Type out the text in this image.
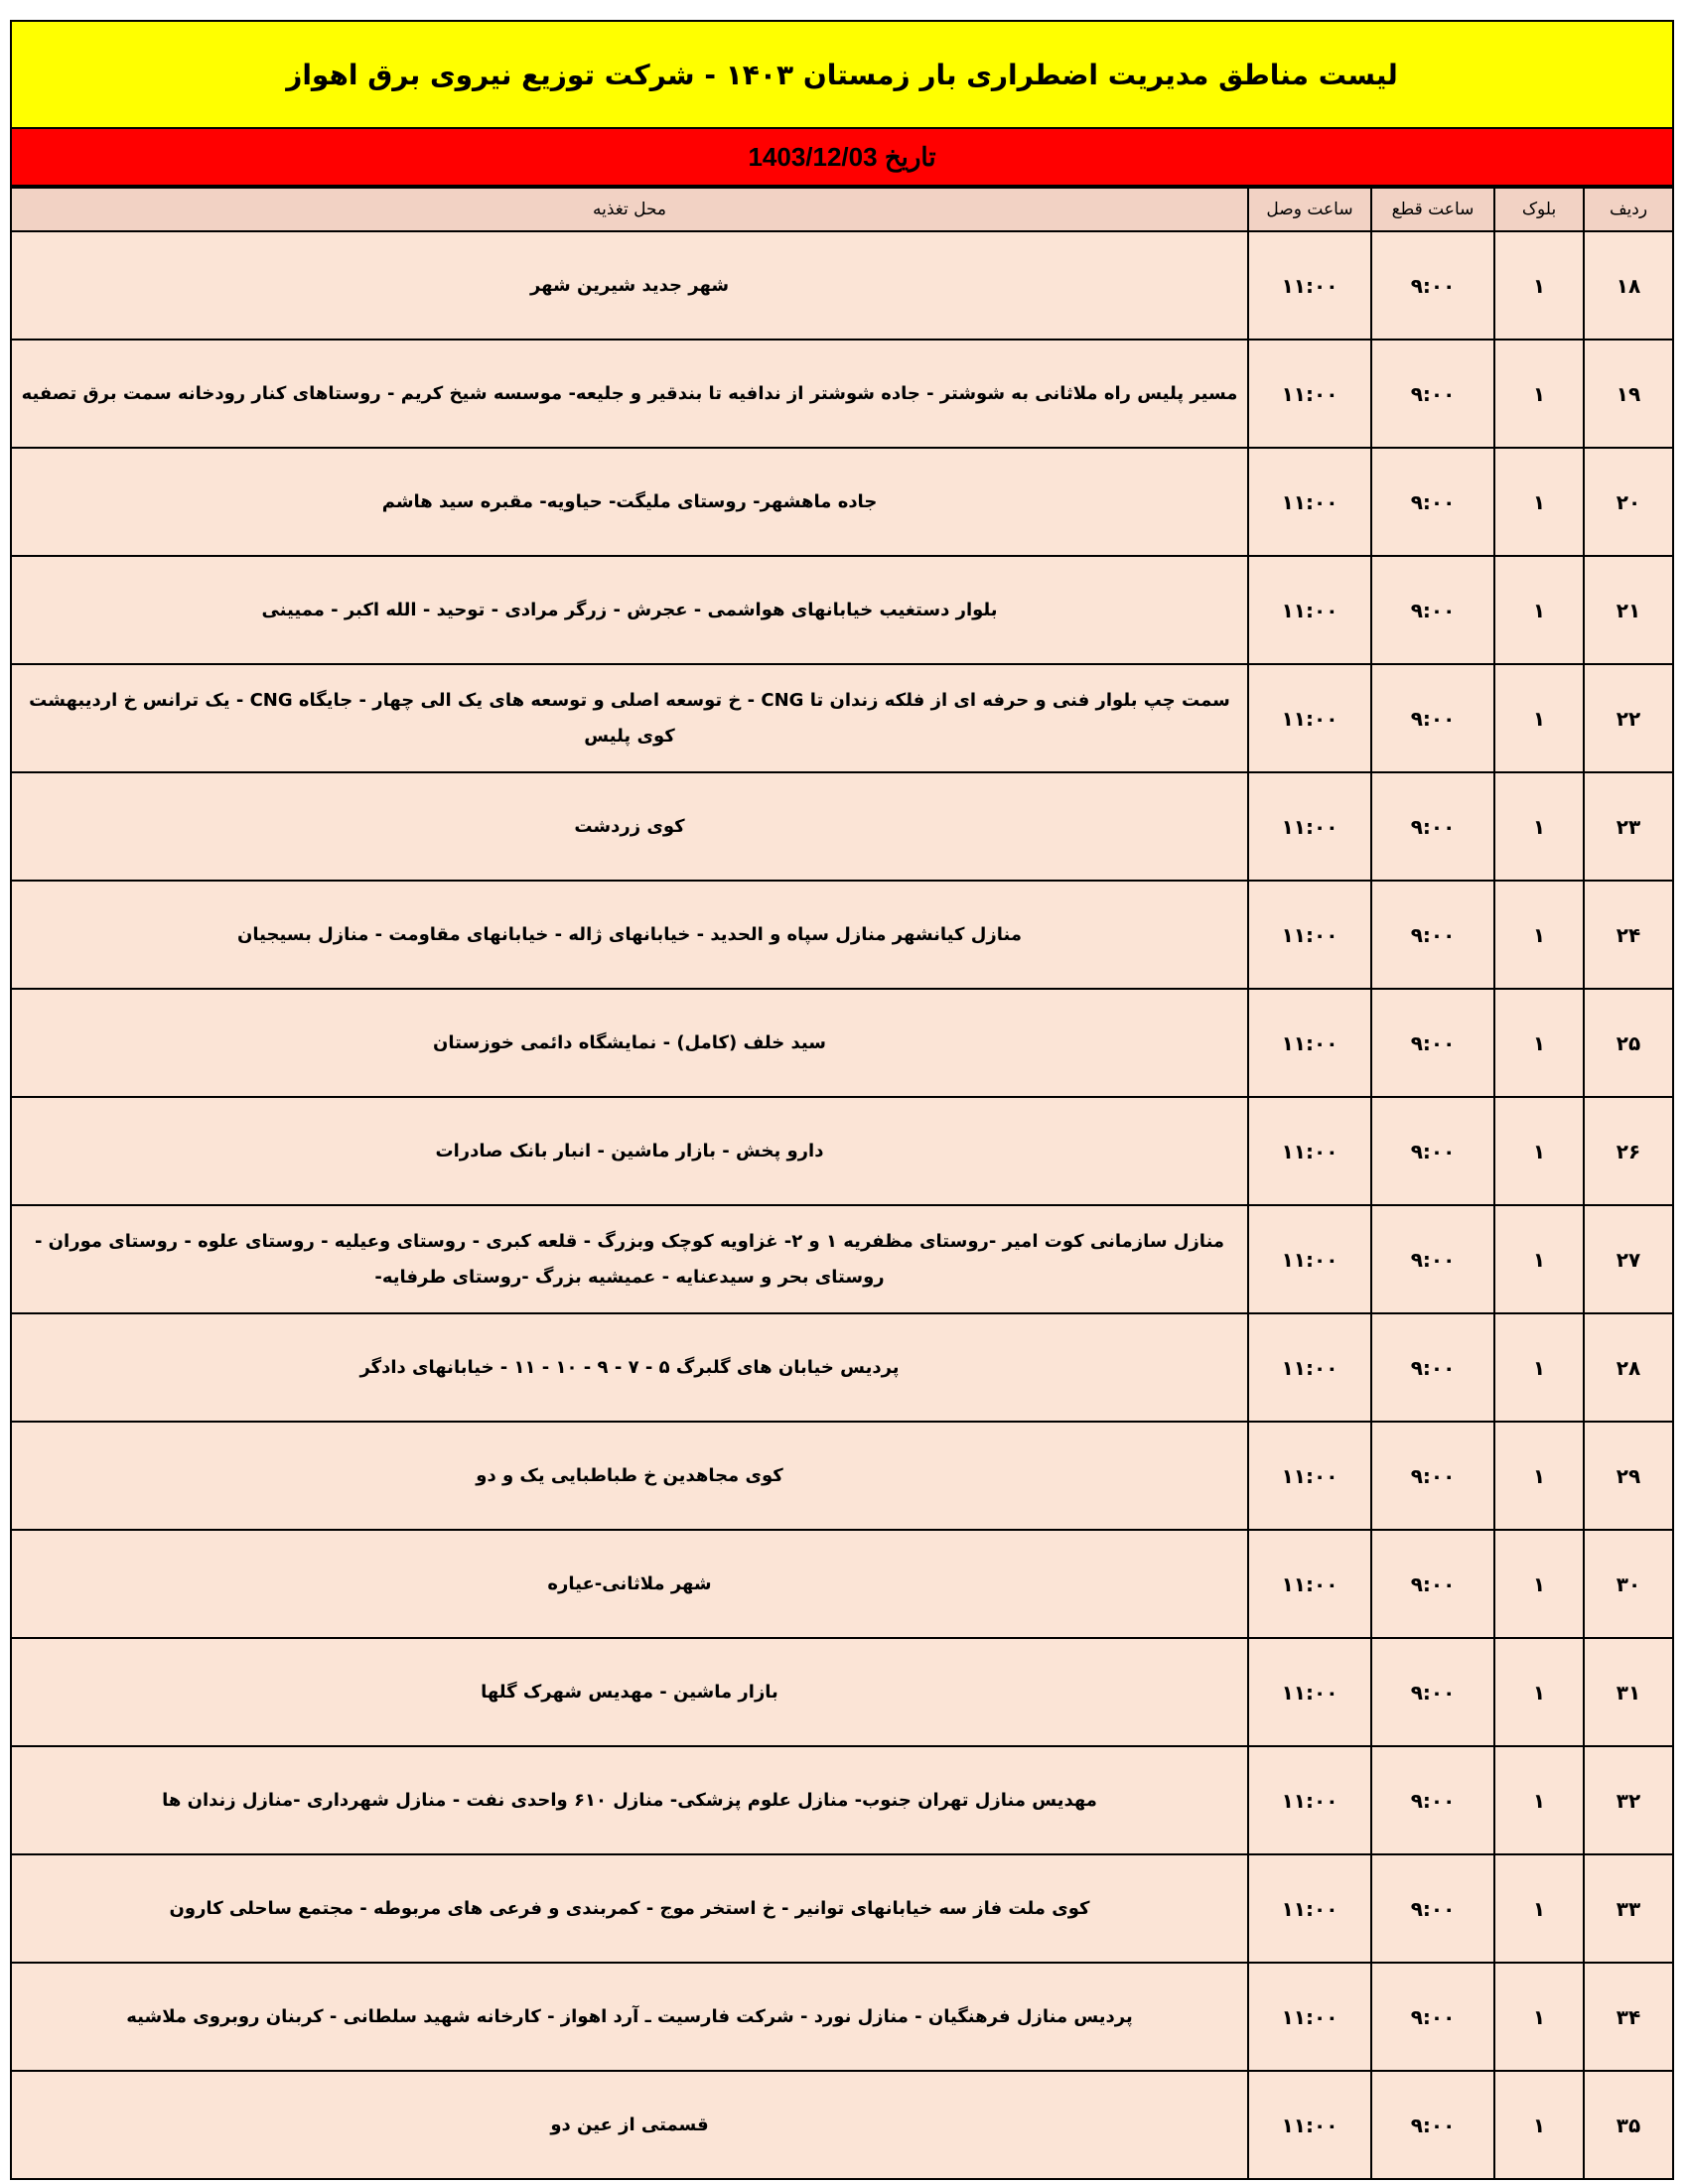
لیست مناطق مدیریت اضطراری بار زمستان ۱۴۰۳ - شرکت توزیع نیروی برق اهواز
تاریخ 1403/12/03
ردیف	بلوک	ساعت قطع	ساعت وصل	محل تغذیه
۱۸	۱	۹:۰۰	۱۱:۰۰	شهر جدید شیرین شهر
۱۹	۱	۹:۰۰	۱۱:۰۰	مسیر پلیس راه ملاثانی به شوشتر - جاده شوشتر از ندافیه تا بندقیر و جلیعه- موسسه شیخ کریم - روستاهای کنار رودخانه سمت برق تصفیه
۲۰	۱	۹:۰۰	۱۱:۰۰	جاده ماهشهر- روستای ملیگت- حیاویه- مقبره سید هاشم
۲۱	۱	۹:۰۰	۱۱:۰۰	بلوار دستغیب خیابانهای هواشمی - عجرش - زرگر مرادی - توحید - الله اکبر - ممیینی
۲۲	۱	۹:۰۰	۱۱:۰۰	سمت چپ بلوار فنی و حرفه ای از فلکه زندان تا CNG - خ توسعه اصلی و توسعه های یک الی چهار - جایگاه CNG - یک ترانس خ اردیبهشت کوی پلیس
۲۳	۱	۹:۰۰	۱۱:۰۰	کوی زردشت
۲۴	۱	۹:۰۰	۱۱:۰۰	منازل کیانشهر منازل سپاه و الحدید - خیابانهای ژاله - خیابانهای مقاومت - منازل بسیجیان
۲۵	۱	۹:۰۰	۱۱:۰۰	سید خلف (کامل) - نمایشگاه دائمی خوزستان
۲۶	۱	۹:۰۰	۱۱:۰۰	دارو پخش - بازار ماشین - انبار بانک صادرات
۲۷	۱	۹:۰۰	۱۱:۰۰	منازل سازمانی کوت امیر -روستای مظفریه ۱ و ۲- غزاویه کوچک وبزرگ - قلعه کبری - روستای وعیلیه - روستای علوه - روستای موران - روستای بحر و سیدعنایه - عمیشیه بزرگ -روستای طرفایه-
۲۸	۱	۹:۰۰	۱۱:۰۰	پردیس خیابان های گلبرگ ۵ - ۷ - ۹ - ۱۰ - ۱۱ - خیابانهای دادگر
۲۹	۱	۹:۰۰	۱۱:۰۰	کوی مجاهدین خ طباطبایی یک و دو
۳۰	۱	۹:۰۰	۱۱:۰۰	شهر ملاثانی-عیاره
۳۱	۱	۹:۰۰	۱۱:۰۰	بازار ماشین - مهدیس شهرک گلها
۳۲	۱	۹:۰۰	۱۱:۰۰	مهدیس منازل تهران جنوب- منازل علوم پزشکی- منازل ۶۱۰ واحدی نفت - منازل شهرداری -منازل زندان ها
۳۳	۱	۹:۰۰	۱۱:۰۰	کوی ملت فاز سه خیابانهای توانیر - خ استخر موج - کمربندی و فرعی های مربوطه - مجتمع ساحلی کارون
۳۴	۱	۹:۰۰	۱۱:۰۰	پردیس منازل فرهنگیان - منازل نورد - شرکت فارسیت ـ آرد اهواز - کارخانه شهید سلطانی - کربنان روبروی ملاشیه
۳۵	۱	۹:۰۰	۱۱:۰۰	قسمتی از عین دو
